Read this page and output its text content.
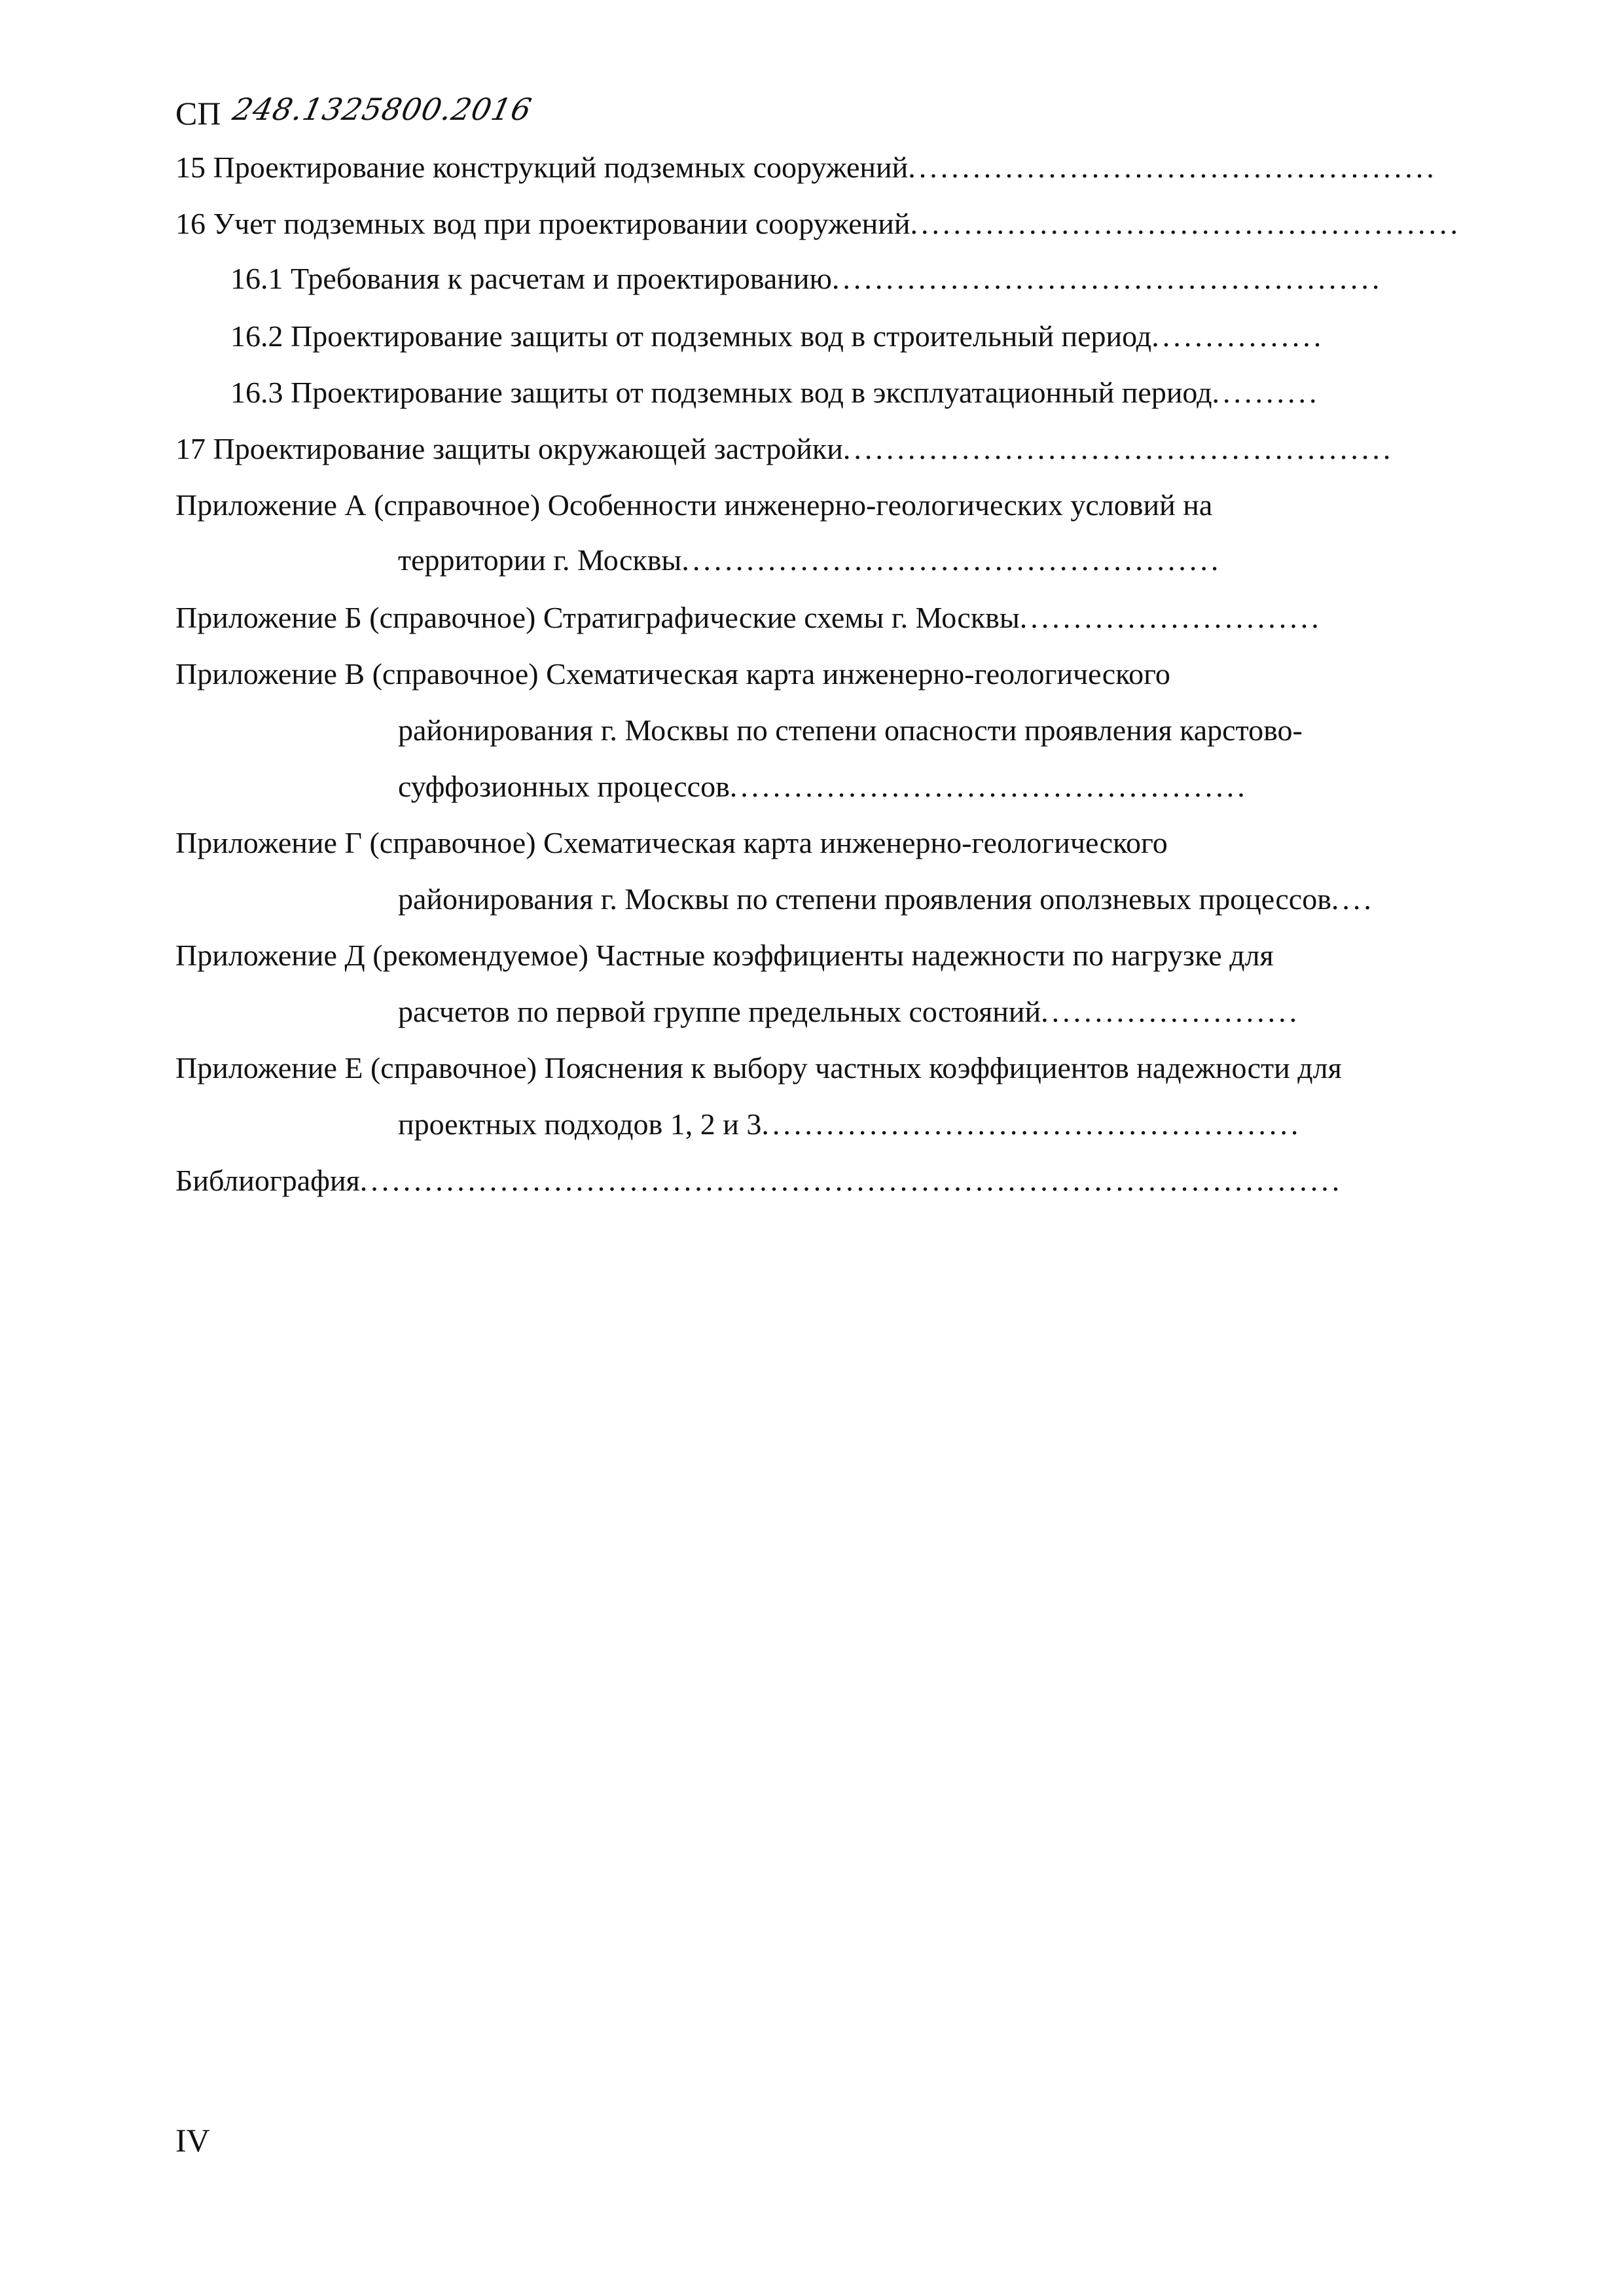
СП 248.1325800.2016
15 Проектирование конструкций подземных сооружений.................................................
16 Учет подземных вод при проектировании сооружений...................................................
16.1 Требования к расчетам и проектированию...................................................
16.2 Проектирование защиты от подземных вод в строительный период................
16.3 Проектирование защиты от подземных вод в эксплуатационный период..........
17 Проектирование защиты окружающей застройки...................................................
Приложение А (справочное) Особенности инженерно-геологических условий на
территории г. Москвы..................................................
Приложение Б (справочное) Стратиграфические схемы г. Москвы............................
Приложение В (справочное) Схематическая карта инженерно-геологического
районирования г. Москвы по степени опасности проявления карстово-
суффозионных процессов................................................
Приложение Г (справочное) Схематическая карта инженерно-геологического
районирования г. Москвы по степени проявления оползневых процессов....
Приложение Д (рекомендуемое) Частные коэффициенты надежности по нагрузке для
расчетов по первой группе предельных состояний........................
Приложение Е (справочное) Пояснения к выбору частных коэффициентов надежности для
проектных подходов 1, 2 и 3..................................................
Библиография...........................................................................................
IV
